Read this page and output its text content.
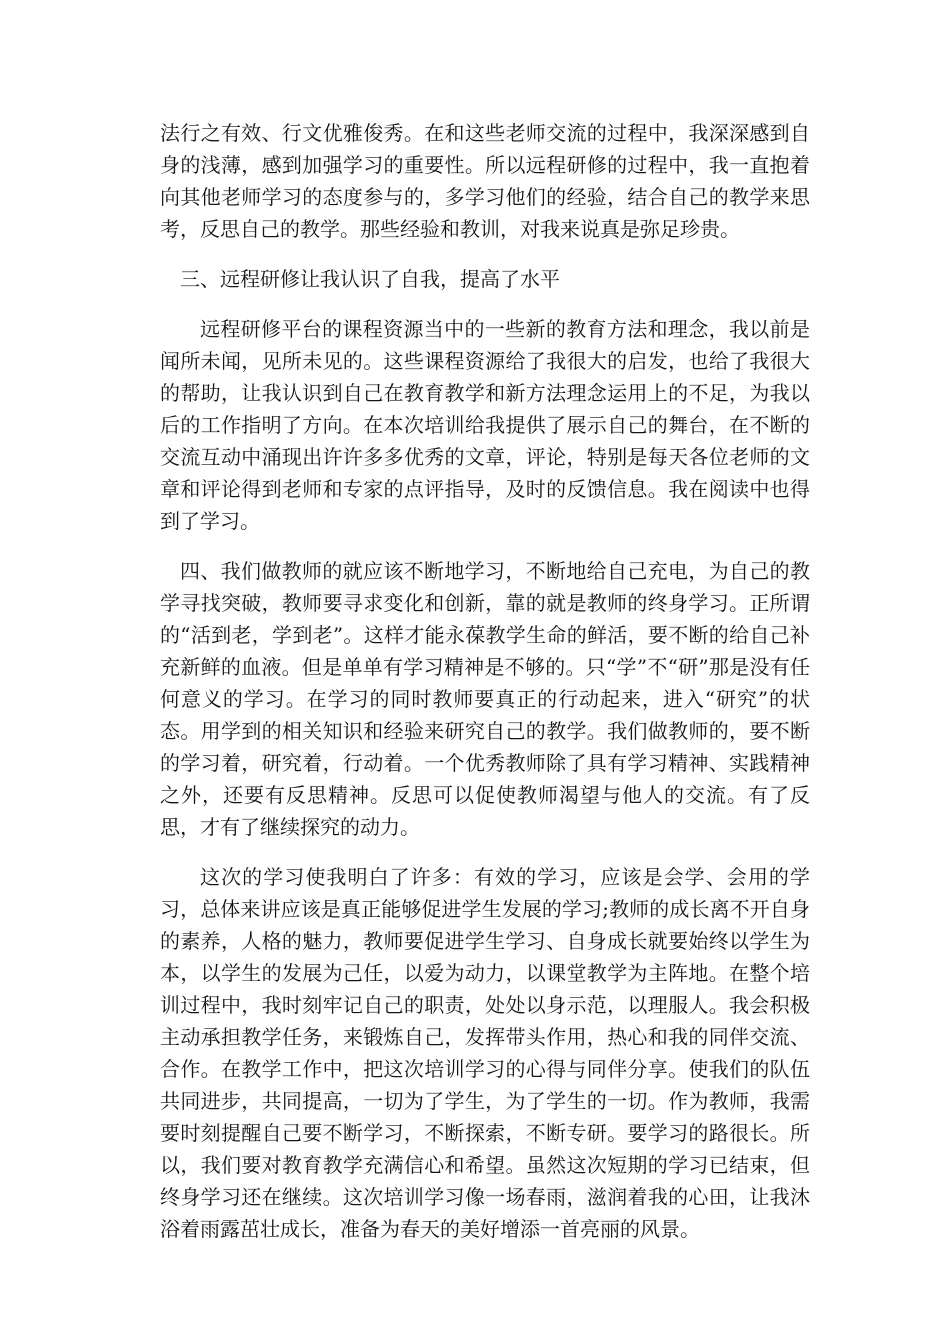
法行之有效、行文优雅俊秀。在和这些老师交流的过程中，我深深感到自身的浅薄，感到加强学习的重要性。所以远程研修的过程中，我一直抱着向其他老师学习的态度参与的，多学习他们的经验，结合自己的教学来思考，反思自己的教学。那些经验和教训，对我来说真是弥足珍贵。

三、远程研修让我认识了自我，提高了水平

远程研修平台的课程资源当中的一些新的教育方法和理念，我以前是闻所未闻，见所未见的。这些课程资源给了我很大的启发，也给了我很大的帮助，让我认识到自己在教育教学和新方法理念运用上的不足，为我以后的工作指明了方向。在本次培训给我提供了展示自己的舞台，在不断的交流互动中涌现出许许多多优秀的文章，评论，特别是每天各位老师的文章和评论得到老师和专家的点评指导，及时的反馈信息。我在阅读中也得到了学习。

四、我们做教师的就应该不断地学习，不断地给自己充电，为自己的教学寻找突破，教师要寻求变化和创新，靠的就是教师的终身学习。正所谓的“活到老，学到老”。这样才能永葆教学生命的鲜活，要不断的给自己补充新鲜的血液。但是单单有学习精神是不够的。只“学”不“研”那是没有任何意义的学习。在学习的同时教师要真正的行动起来，进入“研究”的状态。用学到的相关知识和经验来研究自己的教学。我们做教师的，要不断的学习着，研究着，行动着。一个优秀教师除了具有学习精神、实践精神之外，还要有反思精神。反思可以促使教师渴望与他人的交流。有了反思，才有了继续探究的动力。

这次的学习使我明白了许多：有效的学习，应该是会学、会用的学习，总体来讲应该是真正能够促进学生发展的学习;教师的成长离不开自身的素养，人格的魅力，教师要促进学生学习、自身成长就要始终以学生为本，以学生的发展为己任，以爱为动力，以课堂教学为主阵地。在整个培训过程中，我时刻牢记自己的职责，处处以身示范，以理服人。我会积极主动承担教学任务，来锻炼自己，发挥带头作用，热心和我的同伴交流、合作。在教学工作中，把这次培训学习的心得与同伴分享。使我们的队伍共同进步，共同提高，一切为了学生，为了学生的一切。作为教师，我需要时刻提醒自己要不断学习，不断探索，不断专研。要学习的路很长。所以，我们要对教育教学充满信心和希望。虽然这次短期的学习已结束，但终身学习还在继续。这次培训学习像一场春雨，滋润着我的心田，让我沐浴着雨露茁壮成长，准备为春天的美好增添一首亮丽的风景。
